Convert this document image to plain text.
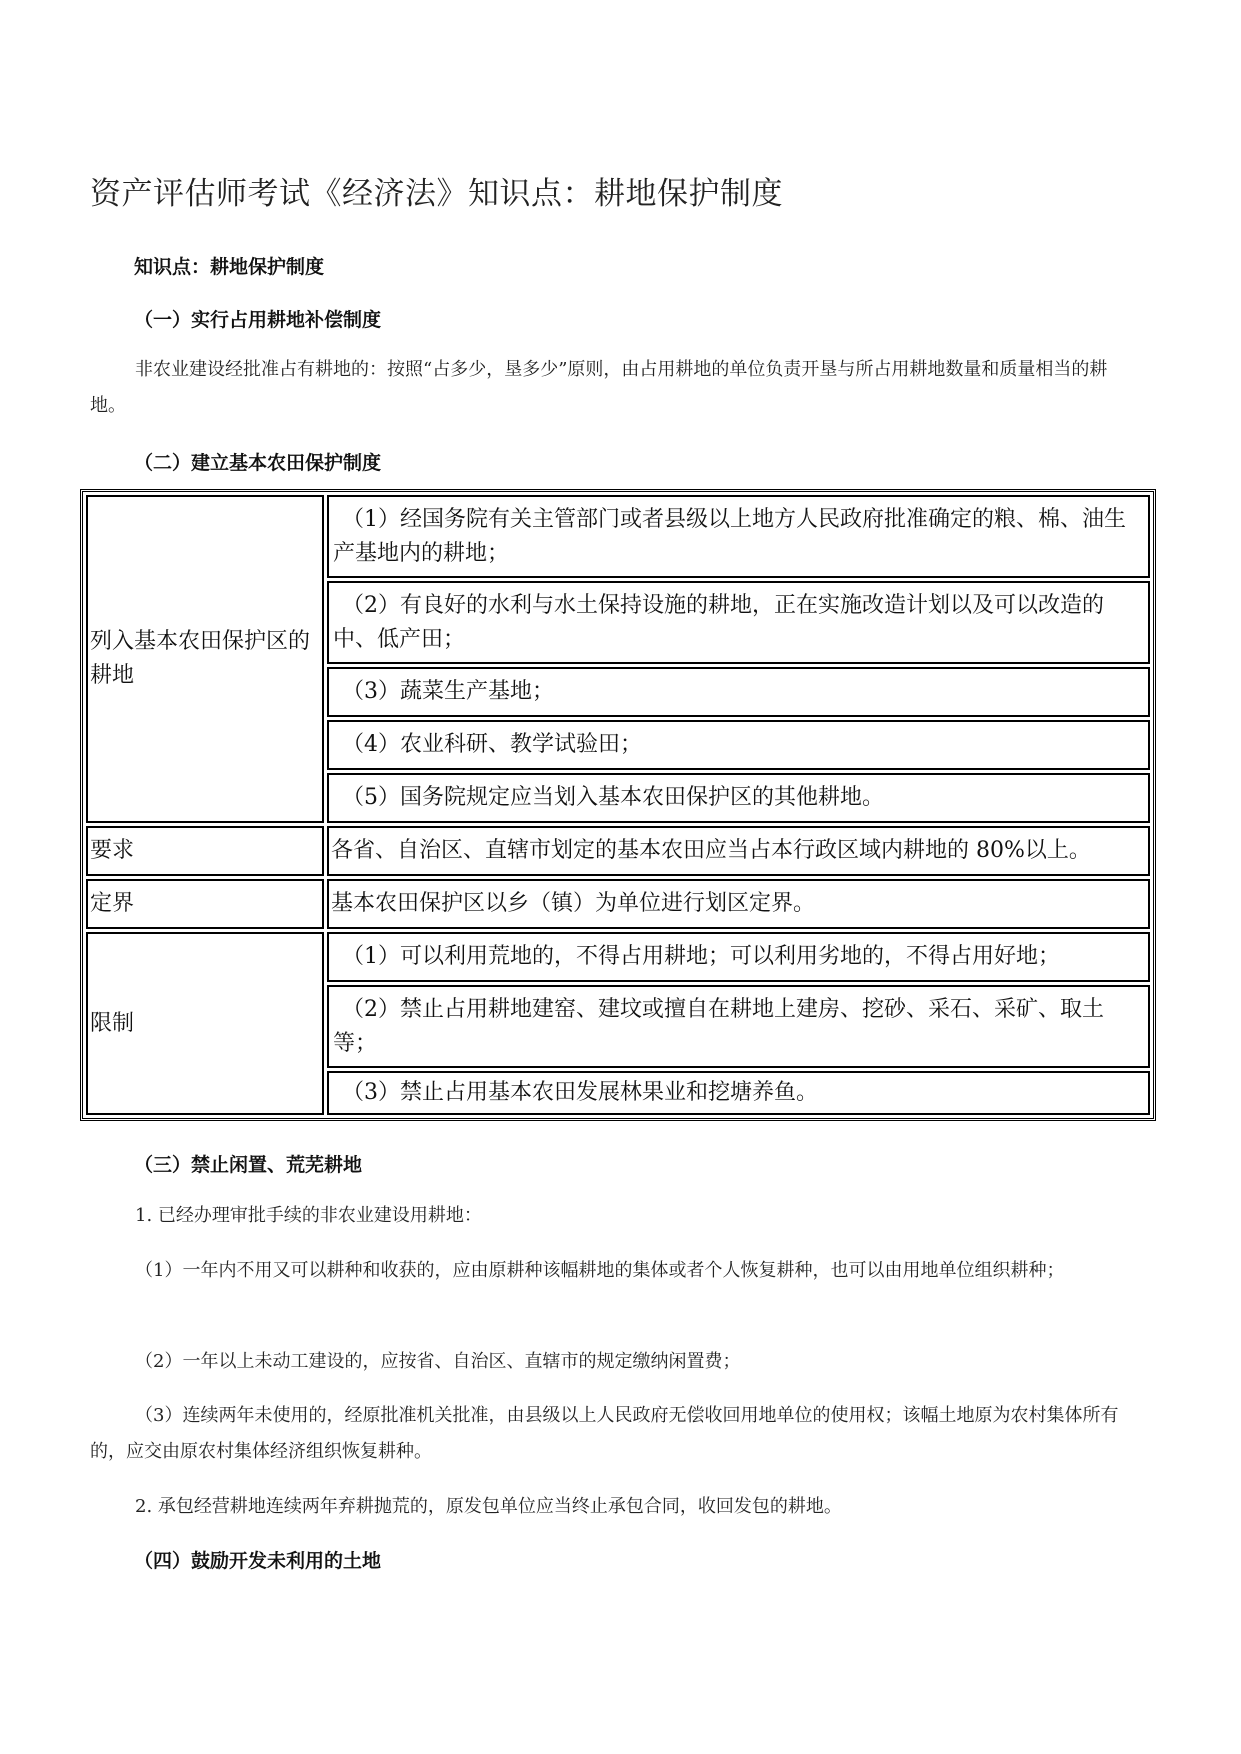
资产评估师考试《经济法》知识点：耕地保护制度
知识点：耕地保护制度
（一）实行占用耕地补偿制度

非农业建设经批准占有耕地的：按照“占多少，垦多少”原则，由占用耕地的单位负责开垦与所占用耕地数量和质量相当的耕地。

（二）建立基本农田保护制度
列入基本农田保护区的耕地	（1）经国务院有关主管部门或者县级以上地方人民政府批准确定的粮、棉、油生产基地内的耕地；

	（2）有良好的水利与水土保持设施的耕地，正在实施改造计划以及可以改造的中、低产田；

	（3）蔬菜生产基地；

	（4）农业科研、教学试验田；

	（5）国务院规定应当划入基本农田保护区的其他耕地。

要求	各省、自治区、直辖市划定的基本农田应当占本行政区域内耕地的 80%以上。
定界	基本农田保护区以乡（镇）为单位进行划区定界。
限制	（1）可以利用荒地的，不得占用耕地；可以利用劣地的，不得占用好地；

	（2）禁止占用耕地建窑、建坟或擅自在耕地上建房、挖砂、采石、采矿、取土等；

	（3）禁止占用基本农田发展林果业和挖塘养鱼。
（三）禁止闲置、荒芜耕地

1. 已经办理审批手续的非农业建设用耕地：

（1）一年内不用又可以耕种和收获的，应由原耕种该幅耕地的集体或者个人恢复耕种，也可以由用地单位组织耕种；

（2）一年以上未动工建设的，应按省、自治区、直辖市的规定缴纳闲置费；

（3）连续两年未使用的，经原批准机关批准，由县级以上人民政府无偿收回用地单位的使用权；该幅土地原为农村集体所有的，应交由原农村集体经济组织恢复耕种。

2. 承包经营耕地连续两年弃耕抛荒的，原发包单位应当终止承包合同，收回发包的耕地。

（四）鼓励开发未利用的土地
